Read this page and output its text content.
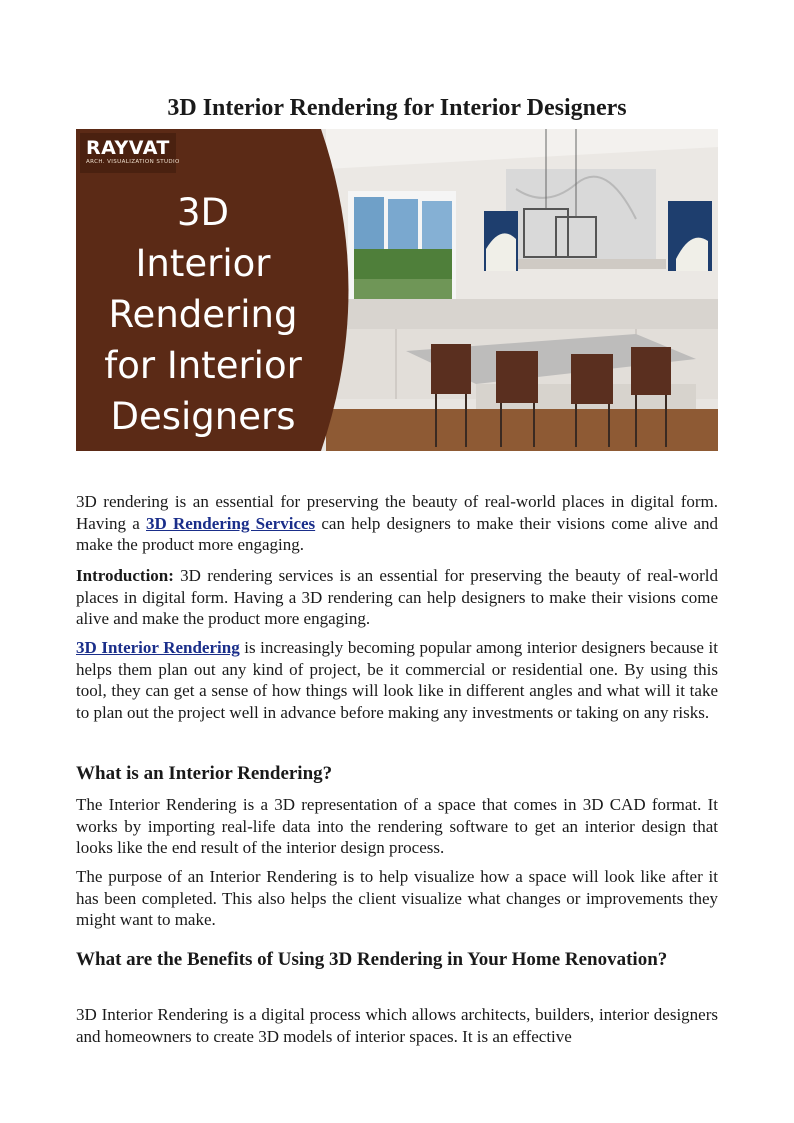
3D Interior Rendering for Interior Designers
RAYVAT
ARCH. VISUALIZATION STUDIO
3D
Interior
Rendering
for Interior
Designers

3D rendering is an essential for preserving the beauty of real-world places in digital form. Having a 3D Rendering Services can help designers to make their visions come alive and make the product more engaging.

Introduction: 3D rendering services is an essential for preserving the beauty of real-world places in digital form. Having a 3D rendering can help designers to make their visions come alive and make the product more engaging.

3D Interior Rendering is increasingly becoming popular among interior designers because it helps them plan out any kind of project, be it commercial or residential one. By using this tool, they can get a sense of how things will look like in different angles and what will it take to plan out the project well in advance before making any investments or taking on any risks.

What is an Interior Rendering?

The Interior Rendering is a 3D representation of a space that comes in 3D CAD format. It works by importing real-life data into the rendering software to get an interior design that looks like the end result of the interior design process.

The purpose of an Interior Rendering is to help visualize how a space will look like after it has been completed. This also helps the client visualize what changes or improvements they might want to make.

What are the Benefits of Using 3D Rendering in Your Home Renovation?

3D Interior Rendering is a digital process which allows architects, builders, interior designers and homeowners to create 3D models of interior spaces. It is an effective
